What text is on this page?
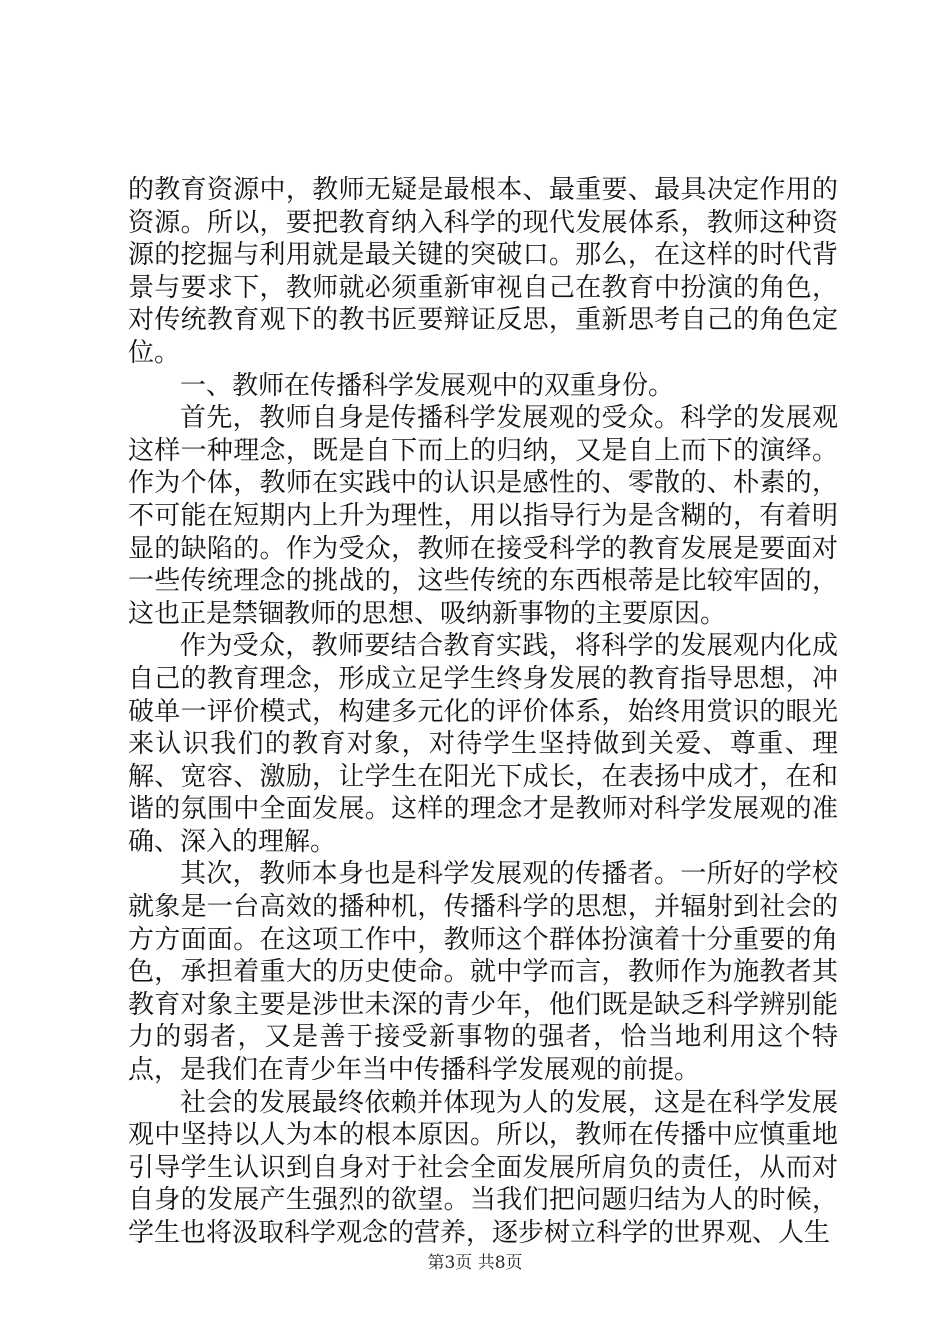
的教育资源中，教师无疑是最根本、最重要、最具决定作用的资源。所以，要把教育纳入科学的现代发展体系，教师这种资源的挖掘与利用就是最关键的突破口。那么，在这样的时代背景与要求下，教师就必须重新审视自己在教育中扮演的角色，对传统教育观下的教书匠要辩证反思，重新思考自己的角色定位。

一、教师在传播科学发展观中的双重身份。

首先，教师自身是传播科学发展观的受众。科学的发展观这样一种理念，既是自下而上的归纳，又是自上而下的演绎。作为个体，教师在实践中的认识是感性的、零散的、朴素的，不可能在短期内上升为理性，用以指导行为是含糊的，有着明显的缺陷的。作为受众，教师在接受科学的教育发展是要面对一些传统理念的挑战的，这些传统的东西根蒂是比较牢固的，这也正是禁锢教师的思想、吸纳新事物的主要原因。

作为受众，教师要结合教育实践，将科学的发展观内化成自己的教育理念，形成立足学生终身发展的教育指导思想，冲破单一评价模式，构建多元化的评价体系，始终用赏识的眼光来认识我们的教育对象，对待学生坚持做到关爱、尊重、理解、宽容、激励，让学生在阳光下成长，在表扬中成才，在和谐的氛围中全面发展。这样的理念才是教师对科学发展观的准确、深入的理解。

其次，教师本身也是科学发展观的传播者。一所好的学校就象是一台高效的播种机，传播科学的思想，并辐射到社会的方方面面。在这项工作中，教师这个群体扮演着十分重要的角色，承担着重大的历史使命。就中学而言，教师作为施教者其教育对象主要是涉世未深的青少年，他们既是缺乏科学辨别能力的弱者，又是善于接受新事物的强者，恰当地利用这个特点，是我们在青少年当中传播科学发展观的前提。

社会的发展最终依赖并体现为人的发展，这是在科学发展观中坚持以人为本的根本原因。所以，教师在传播中应慎重地引导学生认识到自身对于社会全面发展所肩负的责任，从而对自身的发展产生强烈的欲望。当我们把问题归结为人的时候，学生也将汲取科学观念的营养，逐步树立科学的世界观、人生

第3页 共8页
